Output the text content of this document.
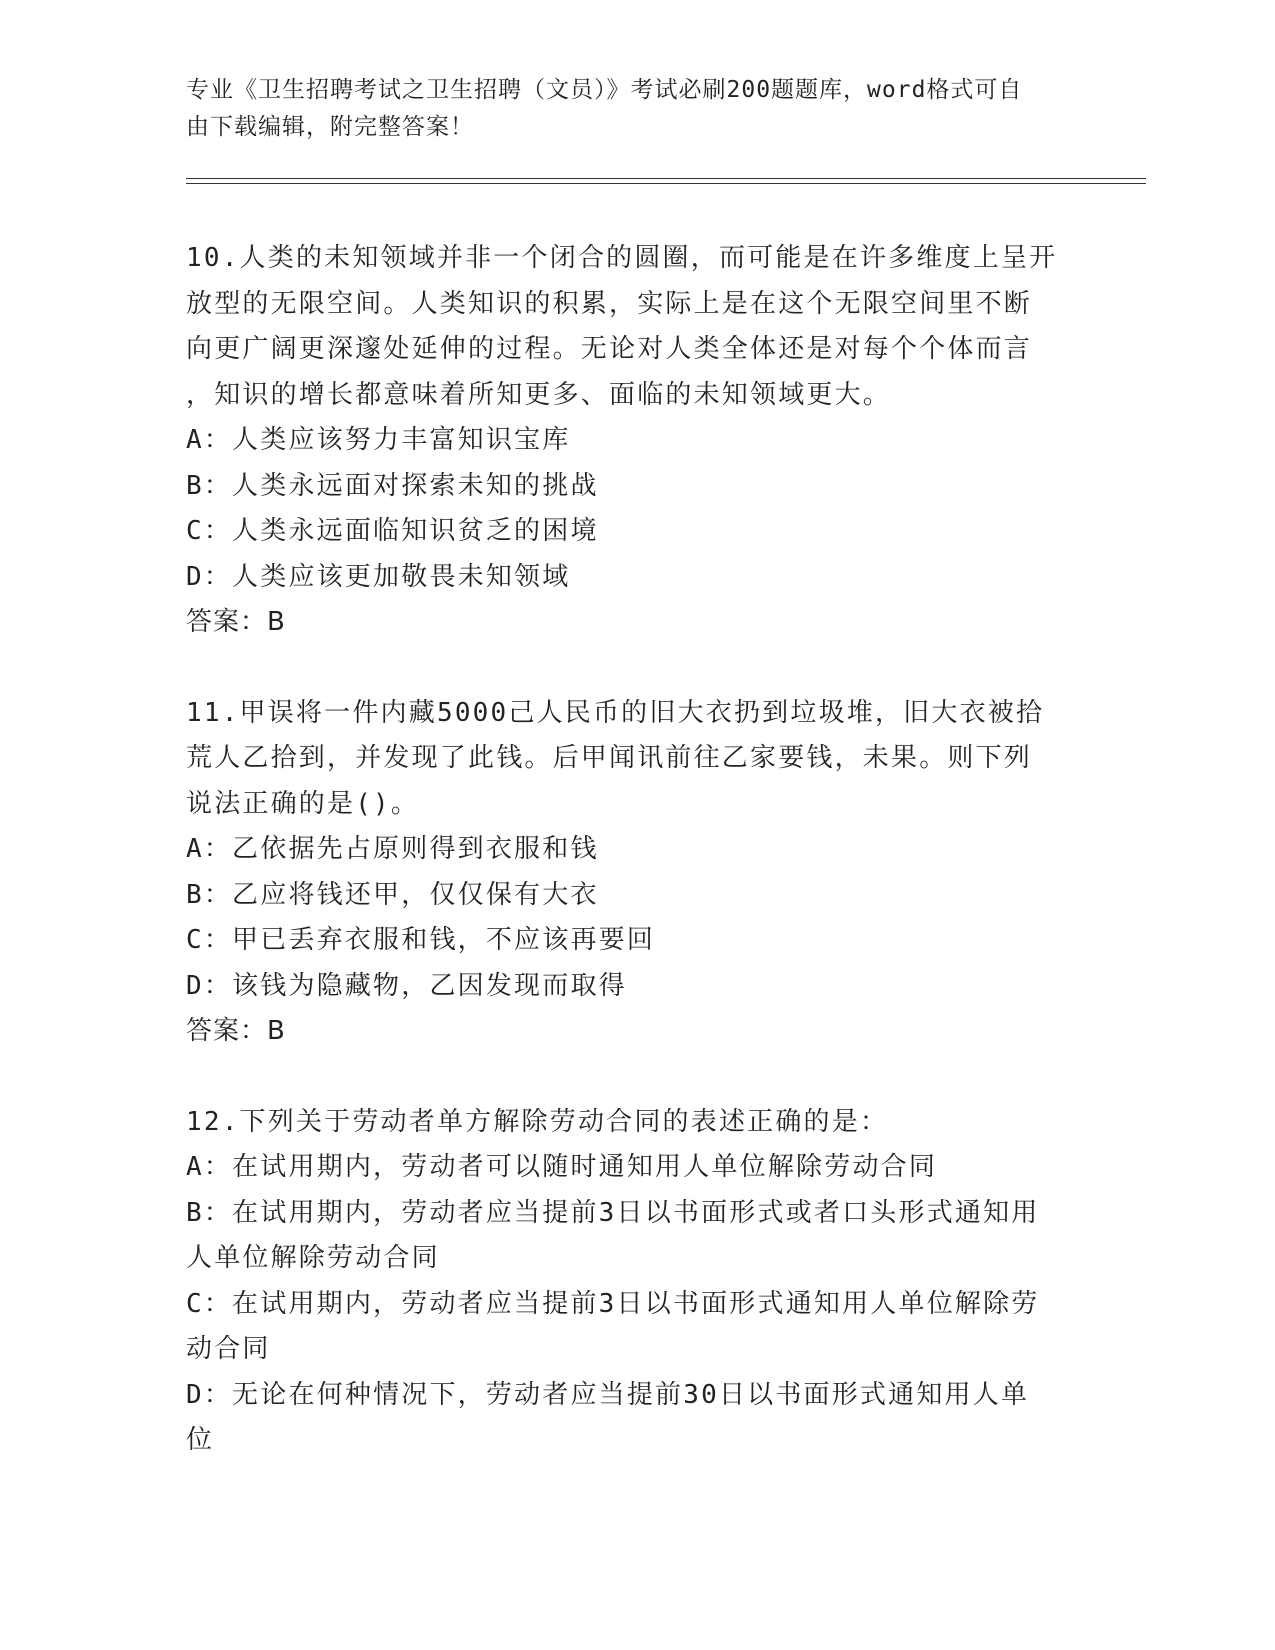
专业《卫生招聘考试之卫生招聘（文员）》考试必刷200题题库，word格式可自
由下载编辑，附完整答案！
10.人类的未知领域并非一个闭合的圆圈，而可能是在许多维度上呈开
放型的无限空间。人类知识的积累，实际上是在这个无限空间里不断
向更广阔更深邃处延伸的过程。无论对人类全体还是对每个个体而言
，知识的增长都意味着所知更多、面临的未知领域更大。
A：人类应该努力丰富知识宝库
B：人类永远面对探索未知的挑战
C：人类永远面临知识贫乏的困境
D：人类应该更加敬畏未知领域
答案：B
11.甲误将一件内藏5000己人民币的旧大衣扔到垃圾堆，旧大衣被拾
荒人乙拾到，并发现了此钱。后甲闻讯前往乙家要钱，未果。则下列
说法正确的是()。
A：乙依据先占原则得到衣服和钱
B：乙应将钱还甲，仅仅保有大衣
C：甲已丢弃衣服和钱，不应该再要回
D：该钱为隐藏物，乙因发现而取得
答案：B
12.下列关于劳动者单方解除劳动合同的表述正确的是：
A：在试用期内，劳动者可以随时通知用人单位解除劳动合同
B：在试用期内，劳动者应当提前3日以书面形式或者口头形式通知用
人单位解除劳动合同
C：在试用期内，劳动者应当提前3日以书面形式通知用人单位解除劳
动合同
D：无论在何种情况下，劳动者应当提前30日以书面形式通知用人单
位
